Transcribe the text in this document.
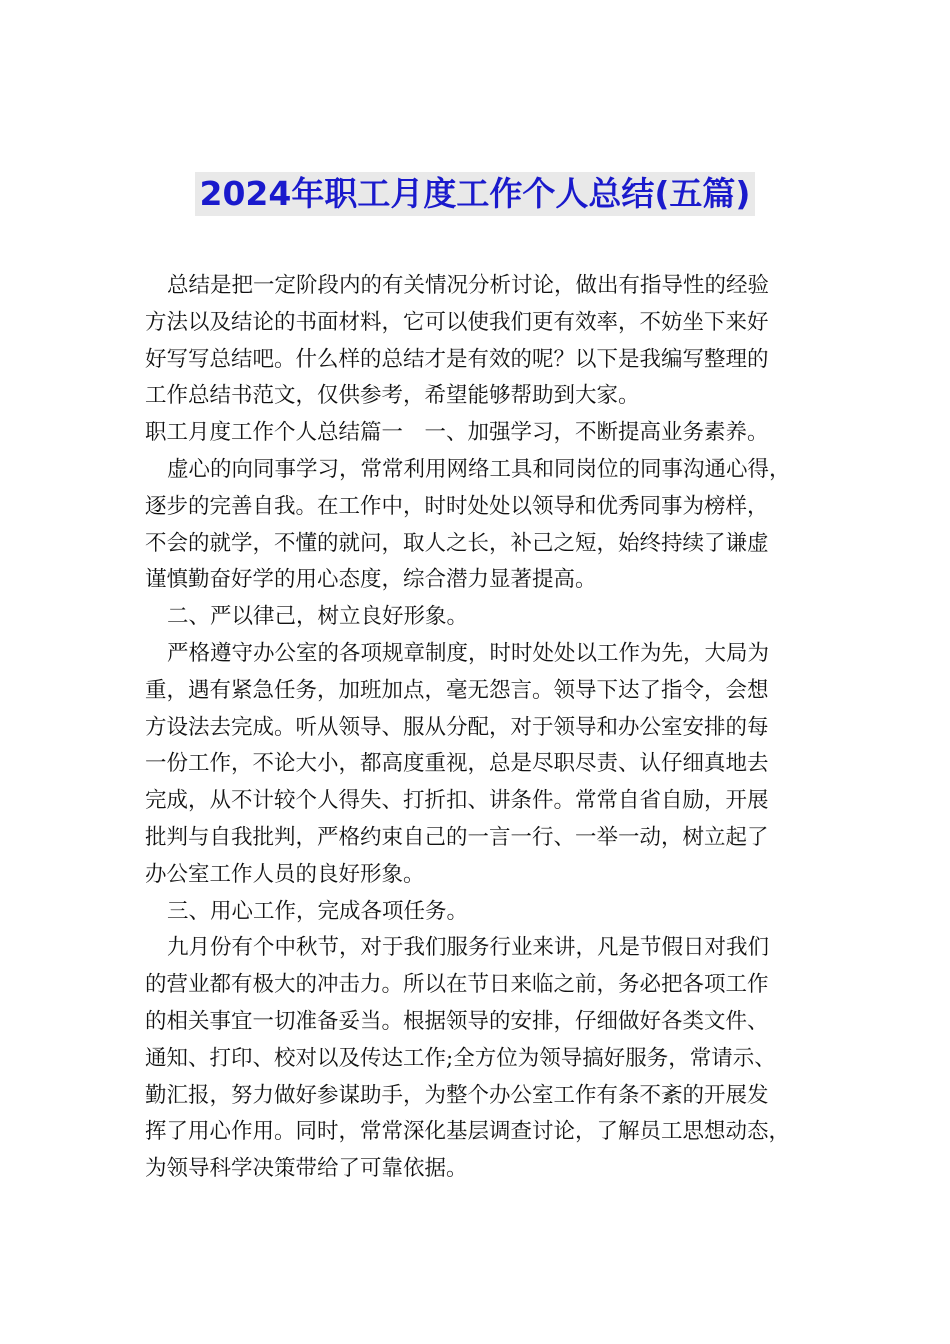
2024年职工月度工作个人总结(五篇)
总结是把一定阶段内的有关情况分析讨论，做出有指导性的经验
方法以及结论的书面材料，它可以使我们更有效率，不妨坐下来好
好写写总结吧。什么样的总结才是有效的呢？以下是我编写整理的
工作总结书范文，仅供参考，希望能够帮助到大家。
职工月度工作个人总结篇一　一、加强学习，不断提高业务素养。
虚心的向同事学习，常常利用网络工具和同岗位的同事沟通心得，
逐步的完善自我。在工作中，时时处处以领导和优秀同事为榜样，
不会的就学，不懂的就问，取人之长，补己之短，始终持续了谦虚
谨慎勤奋好学的用心态度，综合潜力显著提高。
二、严以律己，树立良好形象。
严格遵守办公室的各项规章制度，时时处处以工作为先，大局为
重，遇有紧急任务，加班加点，毫无怨言。领导下达了指令，会想
方设法去完成。听从领导、服从分配，对于领导和办公室安排的每
一份工作，不论大小，都高度重视，总是尽职尽责、认仔细真地去
完成，从不计较个人得失、打折扣、讲条件。常常自省自励，开展
批判与自我批判，严格约束自己的一言一行、一举一动，树立起了
办公室工作人员的良好形象。
三、用心工作，完成各项任务。
九月份有个中秋节，对于我们服务行业来讲，凡是节假日对我们
的营业都有极大的冲击力。所以在节日来临之前，务必把各项工作
的相关事宜一切准备妥当。根据领导的安排，仔细做好各类文件、
通知、打印、校对以及传达工作;全方位为领导搞好服务，常请示、
勤汇报，努力做好参谋助手，为整个办公室工作有条不紊的开展发
挥了用心作用。同时，常常深化基层调查讨论，了解员工思想动态，
为领导科学决策带给了可靠依据。
